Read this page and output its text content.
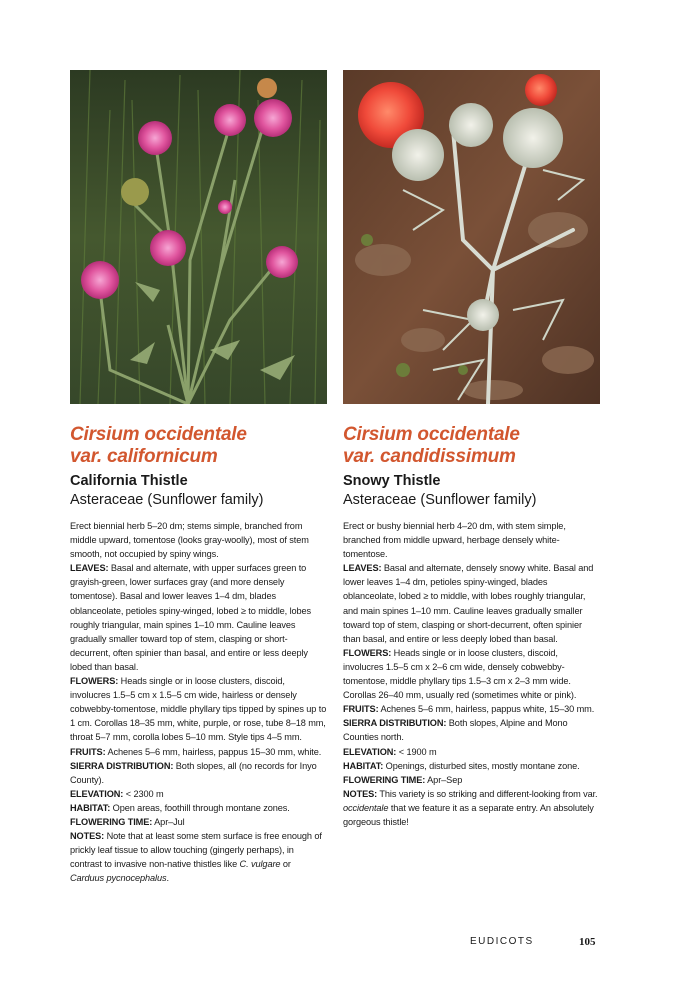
Cirsium occidentale
var. californicum
California Thistle
Asteraceae (Sunflower family)

Erect biennial herb 5–20 dm; stems simple, branched from middle upward, tomentose (looks gray-woolly), most of stem smooth, not occupied by spiny wings.

LEAVES: Basal and alternate, with upper surfaces green to grayish-green, lower surfaces gray (and more densely tomentose). Basal and lower leaves 1–4 dm, blades oblanceolate, petioles spiny-winged, lobed ≥ to middle, lobes roughly triangular, main spines 1–10 mm. Cauline leaves gradually smaller toward top of stem, clasping or short-decurrent, often spinier than basal, and entire or less deeply lobed than basal.

FLOWERS: Heads single or in loose clusters, discoid, involucres 1.5–5 cm x 1.5–5 cm wide, hairless or densely cobwebby-tomentose, middle phyllary tips tipped by spines up to 1 cm. Corollas 18–35 mm, white, purple, or rose, tube 8–18 mm, throat 5–7 mm, corolla lobes 5–10 mm. Style tips 4–5 mm.

FRUITS: Achenes 5–6 mm, hairless, pappus 15–30 mm, white.

SIERRA DISTRIBUTION: Both slopes, all (no records for Inyo County).

ELEVATION: < 2300 m

HABITAT: Open areas, foothill through montane zones.

FLOWERING TIME: Apr–Jul

NOTES: Note that at least some stem surface is free enough of prickly leaf tissue to allow touching (gingerly perhaps), in contrast to invasive non-native thistles like C. vulgare or Carduus pycnocephalus.

Cirsium occidentale
var. candidissimum
Snowy Thistle
Asteraceae (Sunflower family)

Erect or bushy biennial herb 4–20 dm, with stem simple, branched from middle upward, herbage densely white-tomentose.

LEAVES: Basal and alternate, densely snowy white. Basal and lower leaves 1–4 dm, petioles spiny-winged, blades oblanceolate, lobed ≥ to middle, with lobes roughly triangular, and main spines 1–10 mm. Cauline leaves gradually smaller toward top of stem, clasping or short-decurrent, often spinier than basal, and entire or less deeply lobed than basal.

FLOWERS: Heads single or in loose clusters, discoid, involucres 1.5–5 cm x 2–6 cm wide, densely cobwebby-tomentose, middle phyllary tips 1.5–3 cm x 2–3 mm wide. Corollas 26–40 mm, usually red (sometimes white or pink).

FRUITS: Achenes 5–6 mm, hairless, pappus white, 15–30 mm.

SIERRA DISTRIBUTION: Both slopes, Alpine and Mono Counties north.

ELEVATION: < 1900 m

HABITAT: Openings, disturbed sites, mostly montane zone.

FLOWERING TIME: Apr–Sep

NOTES: This variety is so striking and different-looking from var. occidentale that we feature it as a separate entry. An absolutely gorgeous thistle!

EUDICOTS	105
